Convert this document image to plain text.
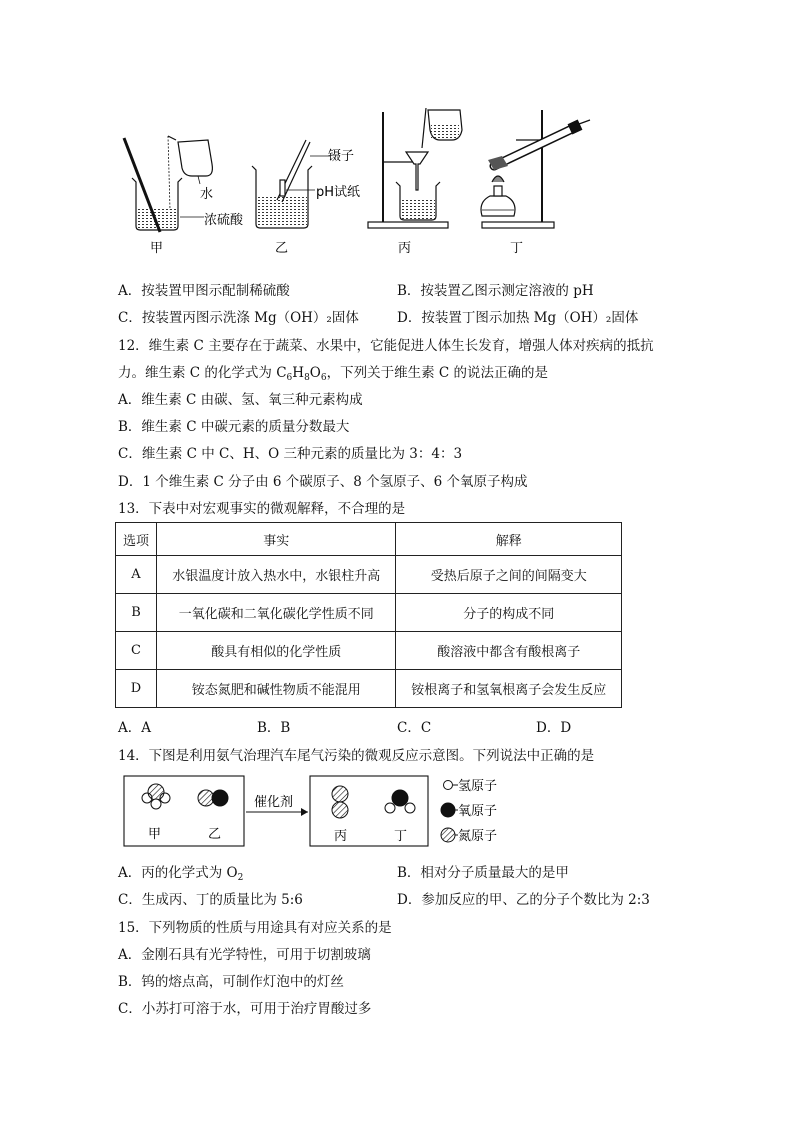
水
浓硫酸
甲
镊子
pH试纸
乙	丙	丁
A．按装置甲图示配制稀硫酸	B．按装置乙图示测定溶液的 pH
C．按装置丙图示洗涤 Mg（OH）₂固体	D．按装置丁图示加热 Mg（OH）₂固体
12．维生素 C 主要存在于蔬菜、水果中，它能促进人体生长发育，增强人体对疾病的抵抗
力。维生素 C 的化学式为 $C_6H_8O_6$，下列关于维生素 C 的说法正确的是
A．维生素 C 由碳、氢、氧三种元素构成
B．维生素 C 中碳元素的质量分数最大
C．维生素 C 中 C、H、O 三种元素的质量比为 3：4：3
D．1 个维生素 C 分子由 6 个碳原子、8 个氢原子、6 个氧原子构成
13．下表中对宏观事实的微观解释，不合理的是
选项	事实	解释
A	水银温度计放入热水中，水银柱升高	受热后原子之间的间隔变大
B	一氧化碳和二氧化碳化学性质不同	分子的构成不同
C	酸具有相似的化学性质	酸溶液中都含有酸根离子
D	铵态氮肥和碱性物质不能混用	铵根离子和氢氧根离子会发生反应
A．A	B．B	C．C	D．D
14．下图是利用氨气治理汽车尾气污染的微观反应示意图。下列说法中正确的是
甲	乙
催化剂
丙	丁
氢原子
氧原子
氮原子
A．丙的化学式为 $O_2$	B．相对分子质量最大的是甲
C．生成丙、丁的质量比为 5:6	D．参加反应的甲、乙的分子个数比为 2:3
15．下列物质的性质与用途具有对应关系的是
A．金刚石具有光学特性，可用于切割玻璃
B．钨的熔点高，可制作灯泡中的灯丝
C．小苏打可溶于水，可用于治疗胃酸过多
